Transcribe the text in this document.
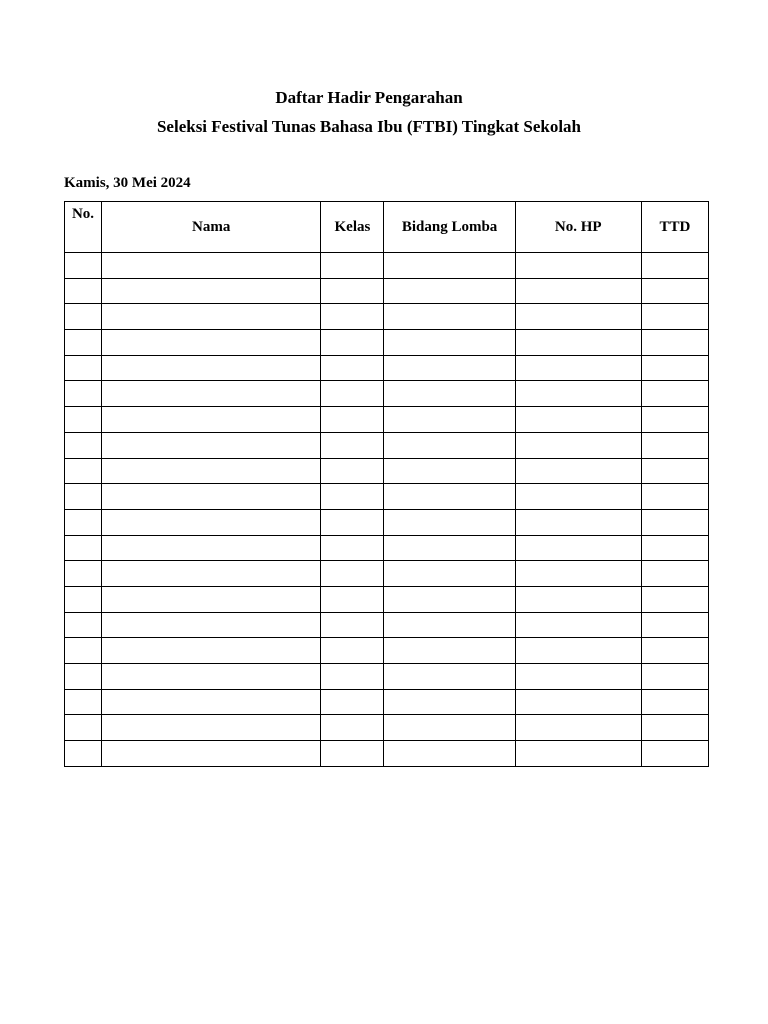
Daftar Hadir Pengarahan
Seleksi Festival Tunas Bahasa Ibu (FTBI) Tingkat Sekolah
Kamis, 30 Mei 2024
No.	Nama	Kelas	Bidang Lomba	No. HP	TTD
